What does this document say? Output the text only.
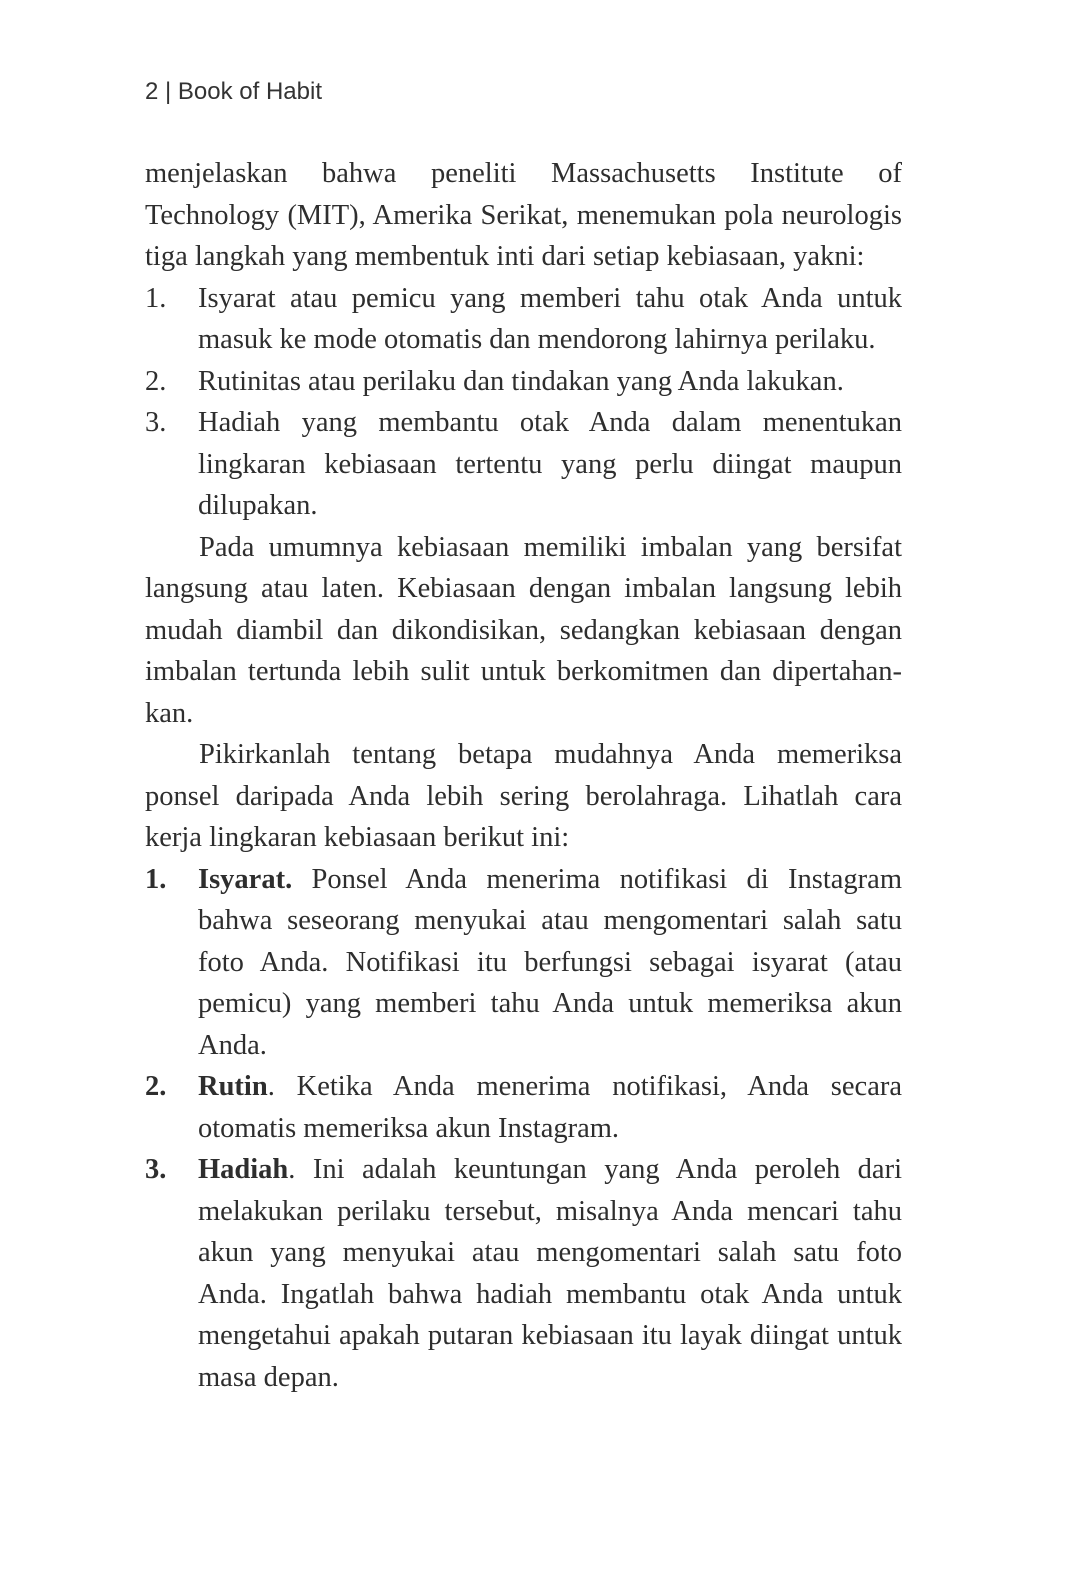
2 | Book of Habit

menjelaskan bahwa peneliti Massachusetts Institute of Technology (MIT), Amerika Serikat, menemukan pola neurologis tiga langkah yang membentuk inti dari setiap kebiasaan, yakni:

1. Isyarat atau pemicu yang memberi tahu otak Anda untuk masuk ke mode otomatis dan mendorong lahirnya perilaku.
2. Rutinitas atau perilaku dan tindakan yang Anda lakukan.
3. Hadiah yang membantu otak Anda dalam menentukan lingkaran kebiasaan tertentu yang perlu diingat maupun dilupakan.

Pada umumnya kebiasaan memiliki imbalan yang bersifat langsung atau laten. Kebiasaan dengan imbalan langsung lebih mudah diambil dan dikondisikan, sedangkan kebiasaan dengan imbalan tertunda lebih sulit untuk berkomitmen dan dipertahankan.

Pikirkanlah tentang betapa mudahnya Anda memeriksa ponsel daripada Anda lebih sering berolahraga. Lihatlah cara kerja lingkaran kebiasaan berikut ini:

1. Isyarat. Ponsel Anda menerima notifikasi di Instagram bahwa seseorang menyukai atau mengomentari salah satu foto Anda. Notifikasi itu berfungsi sebagai isyarat (atau pemicu) yang memberi tahu Anda untuk memeriksa akun Anda.
2. Rutin. Ketika Anda menerima notifikasi, Anda secara otomatis memeriksa akun Instagram.
3. Hadiah. Ini adalah keuntungan yang Anda peroleh dari melakukan perilaku tersebut, misalnya Anda mencari tahu akun yang menyukai atau mengomentari salah satu foto Anda. Ingatlah bahwa hadiah membantu otak Anda untuk mengetahui apakah putaran kebiasaan itu layak diingat untuk masa depan.
